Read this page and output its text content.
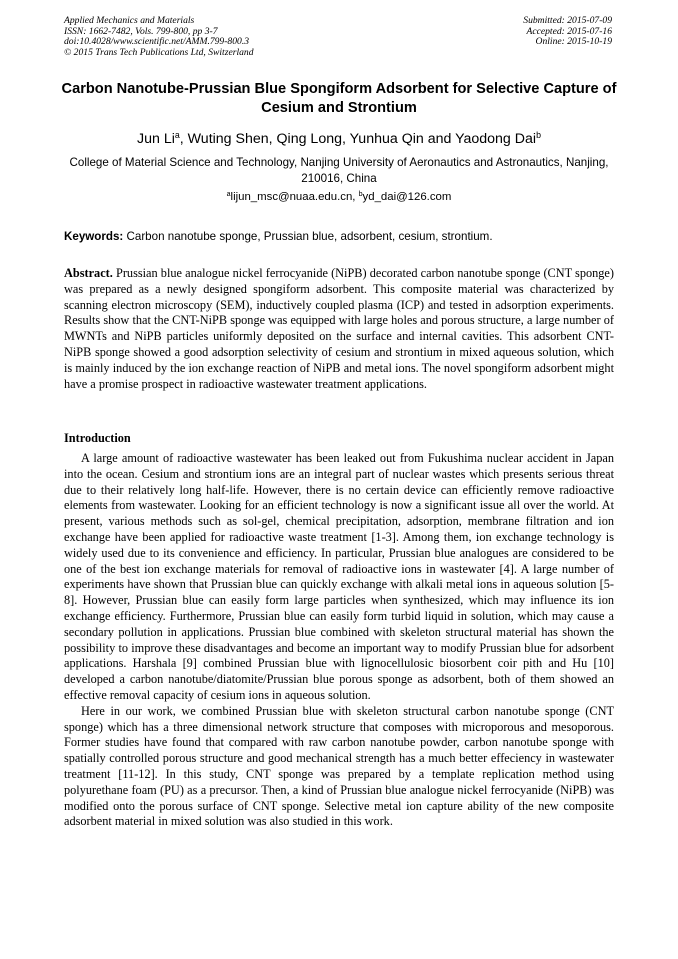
Applied Mechanics and Materials
ISSN: 1662-7482, Vols. 799-800, pp 3-7
doi:10.4028/www.scientific.net/AMM.799-800.3
© 2015 Trans Tech Publications Ltd, Switzerland
Submitted: 2015-07-09
Accepted: 2015-07-16
Online: 2015-10-19
Carbon Nanotube-Prussian Blue Spongiform Adsorbent for Selective Capture of Cesium and Strontium
Jun Li$^a$, Wuting Shen, Qing Long, Yunhua Qin and Yaodong Dai$^b$
College of Material Science and Technology, Nanjing University of Aeronautics and Astronautics, Nanjing, 210016, China
$^a$lijun_msc@nuaa.edu.cn, $^b$yd_dai@126.com
Keywords: Carbon nanotube sponge, Prussian blue, adsorbent, cesium, strontium.
Abstract. Prussian blue analogue nickel ferrocyanide (NiPB) decorated carbon nanotube sponge (CNT sponge) was prepared as a newly designed spongiform adsorbent. This composite material was characterized by scanning electron microscopy (SEM), inductively coupled plasma (ICP) and tested in adsorption experiments. Results show that the CNT-NiPB sponge was equipped with large holes and porous structure, a large number of MWNTs and NiPB particles uniformly deposited on the surface and internal cavities. This adsorbent CNT-NiPB sponge showed a good adsorption selectivity of cesium and strontium in mixed aqueous solution, which is mainly induced by the ion exchange reaction of NiPB and metal ions. The novel spongiform adsorbent might have a promise prospect in radioactive wastewater treatment applications.
Introduction

A large amount of radioactive wastewater has been leaked out from Fukushima nuclear accident in Japan into the ocean. Cesium and strontium ions are an integral part of nuclear wastes which presents serious threat due to their relatively long half-life. However, there is no certain device can efficiently remove radioactive elements from wastewater. Looking for an efficient technology is now a significant issue all over the world. At present, various methods such as sol-gel, chemical precipitation, adsorption, membrane filtration and ion exchange have been applied for radioactive waste treatment [1-3]. Among them, ion exchange technology is widely used due to its convenience and efficiency. In particular, Prussian blue analogues are considered to be one of the best ion exchange materials for removal of radioactive ions in wastewater [4]. A large number of experiments have shown that Prussian blue can quickly exchange with alkali metal ions in aqueous solution [5-8]. However, Prussian blue can easily form large particles when synthesized, which may influence its ion exchange efficiency. Furthermore, Prussian blue can easily form turbid liquid in solution, which may cause a secondary pollution in applications. Prussian blue combined with skeleton structural material has shown the possibility to improve these disadvantages and become an important way to modify Prussian blue for adsorbent applications. Harshala [9] combined Prussian blue with lignocellulosic biosorbent coir pith and Hu [10] developed a carbon nanotube/diatomite/Prussian blue porous sponge as adsorbent, both of them showed an effective removal capacity of cesium ions in aqueous solution.

Here in our work, we combined Prussian blue with skeleton structural carbon nanotube sponge (CNT sponge) which has a three dimensional network structure that composes with microporous and mesoporous. Former studies have found that compared with raw carbon nanotube powder, carbon nanotube sponge with spatially controlled porous structure and good mechanical strength has a much better effeciency in wastewater treatment [11-12]. In this study, CNT sponge was prepared by a template replication method using polyurethane foam (PU) as a precursor. Then, a kind of Prussian blue analogue nickel ferrocyanide (NiPB) was modified onto the porous surface of CNT sponge. Selective metal ion capture ability of the new composite adsorbent material in mixed solution was also studied in this work.
